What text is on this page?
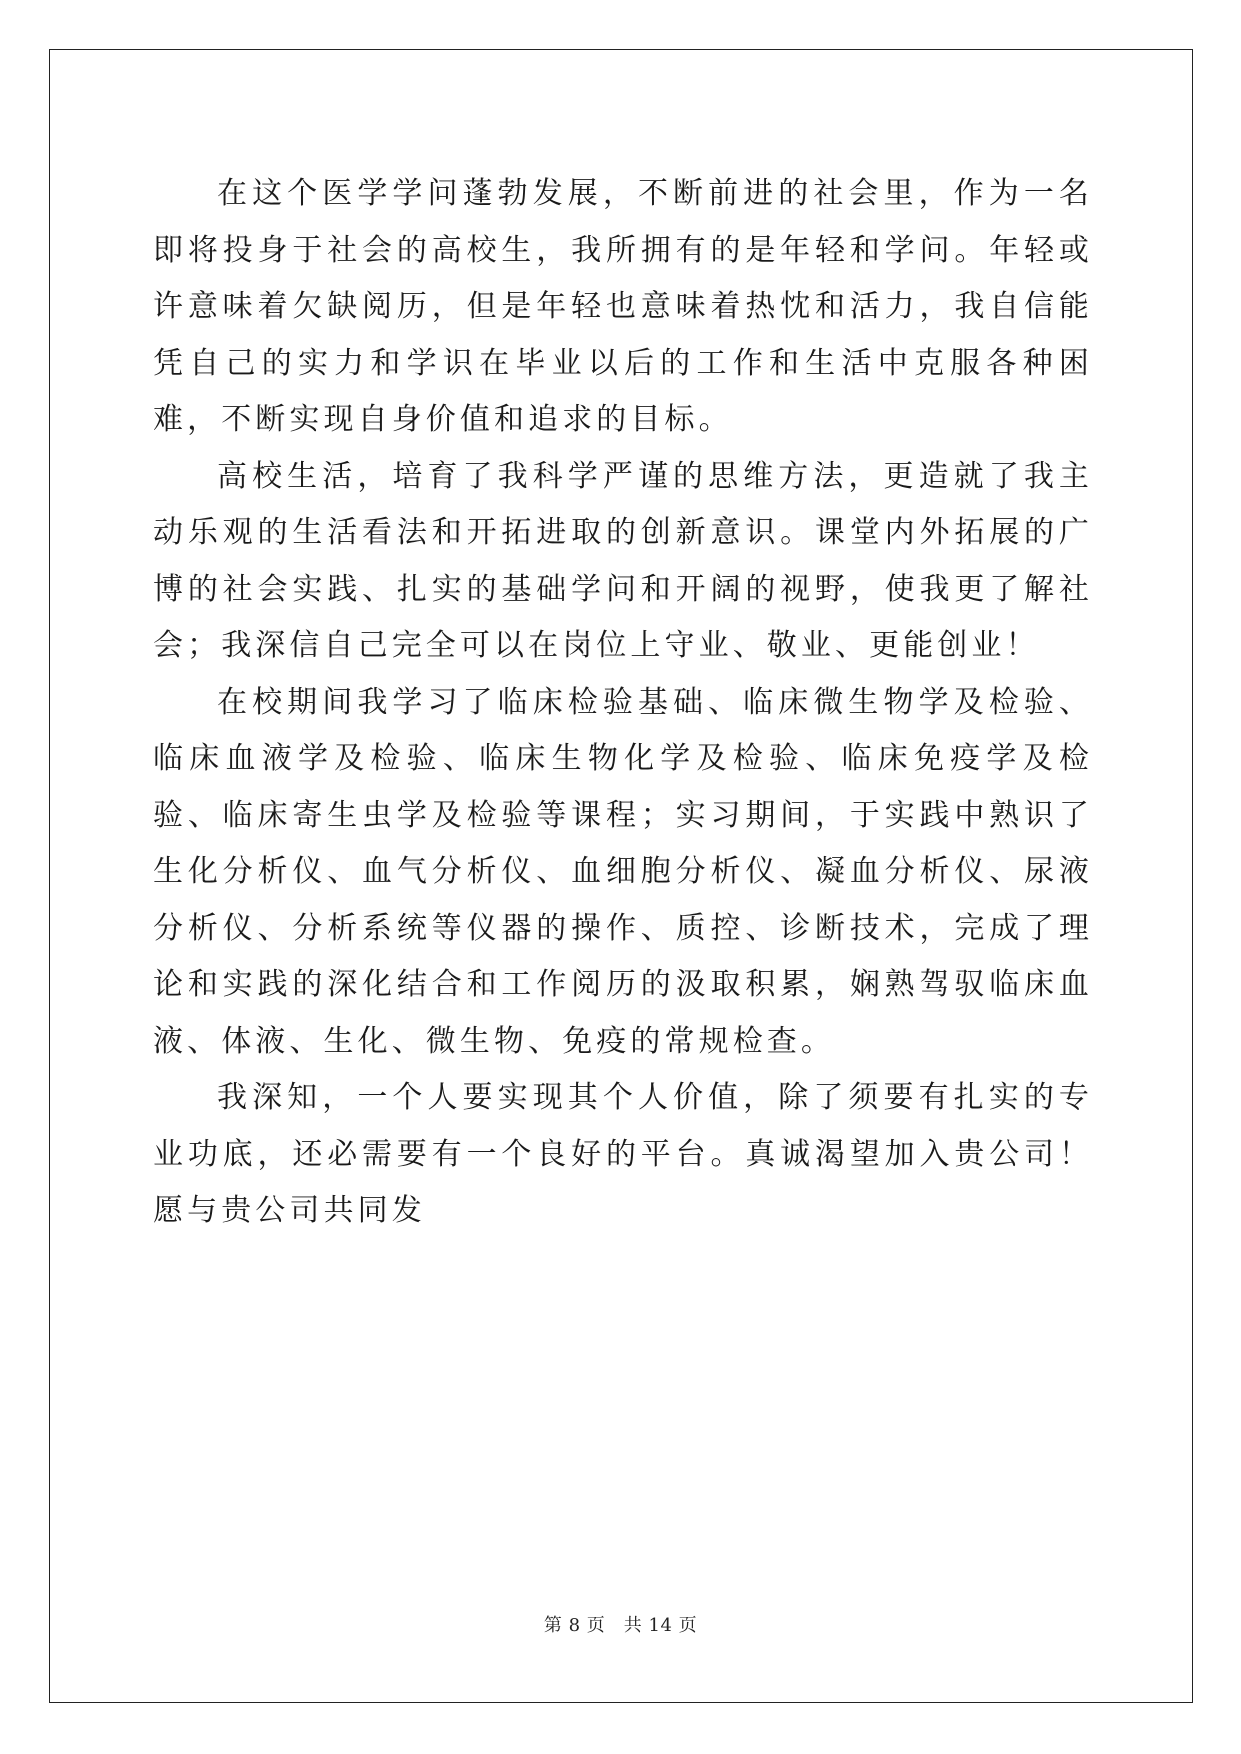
在这个医学学问蓬勃发展，不断前进的社会里，作为一名即将投身于社会的高校生，我所拥有的是年轻和学问。年轻或许意味着欠缺阅历，但是年轻也意味着热忱和活力，我自信能凭自己的实力和学识在毕业以后的工作和生活中克服各种困难，不断实现自身价值和追求的目标。

高校生活，培育了我科学严谨的思维方法，更造就了我主动乐观的生活看法和开拓进取的创新意识。课堂内外拓展的广博的社会实践、扎实的基础学问和开阔的视野，使我更了解社会；我深信自己完全可以在岗位上守业、敬业、更能创业！

在校期间我学习了临床检验基础、临床微生物学及检验、临床血液学及检验、临床生物化学及检验、临床免疫学及检验、临床寄生虫学及检验等课程；实习期间，于实践中熟识了生化分析仪、血气分析仪、血细胞分析仪、凝血分析仪、尿液分析仪、分析系统等仪器的操作、质控、诊断技术，完成了理论和实践的深化结合和工作阅历的汲取积累，娴熟驾驭临床血液、体液、生化、微生物、免疫的常规检查。

我深知，一个人要实现其个人价值，除了须要有扎实的专业功底，还必需要有一个良好的平台。真诚渴望加入贵公司！愿与贵公司共同发

第 8 页　共 14 页
